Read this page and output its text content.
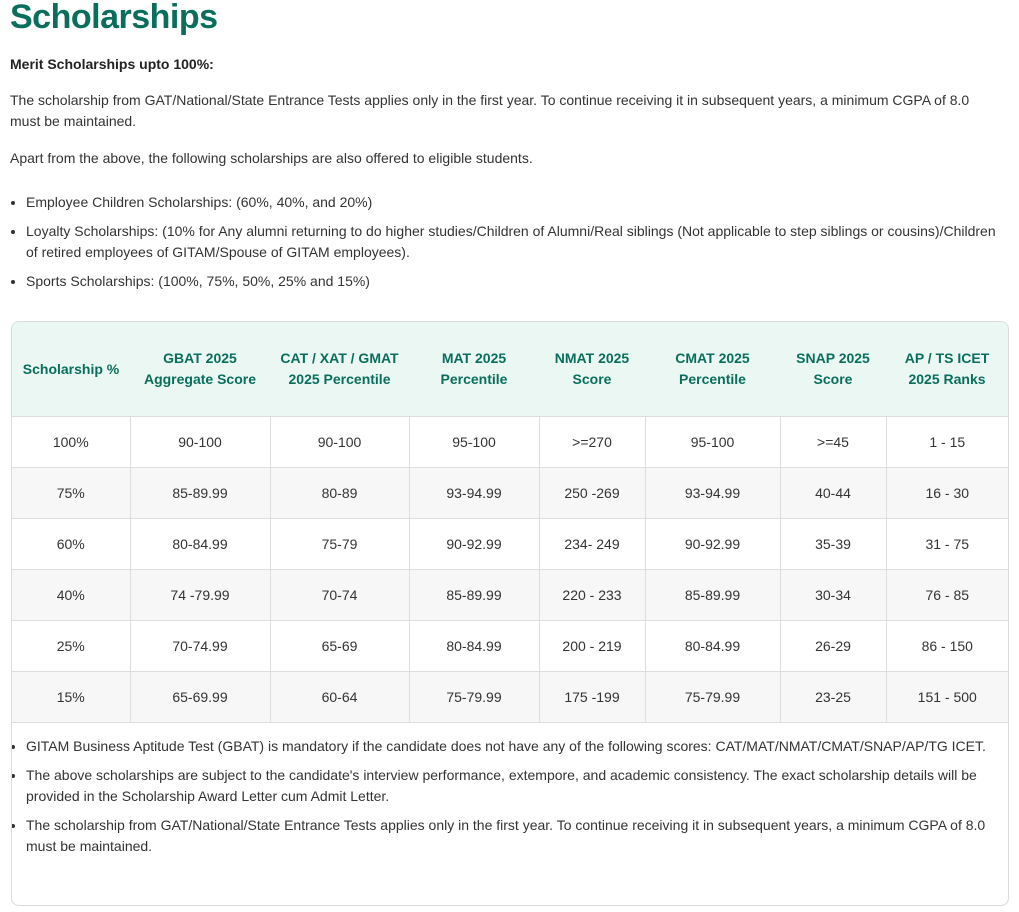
Scholarships
Merit Scholarships upto 100%:

The scholarship from GAT/National/State Entrance Tests applies only in the first year. To continue receiving it in subsequent years, a minimum CGPA of 8.0 must be maintained.

Apart from the above, the following scholarships are also offered to eligible students.

• Employee Children Scholarships: (60%, 40%, and 20%)
• Loyalty Scholarships: (10% for Any alumni returning to do higher studies/Children of Alumni/Real siblings (Not applicable to step siblings or cousins)/Children of retired employees of GITAM/Spouse of GITAM employees).
• Sports Scholarships: (100%, 75%, 50%, 25% and 15%)
Scholarship %	GBAT 2025 Aggregate Score	CAT / XAT / GMAT 2025 Percentile	MAT 2025 Percentile	NMAT 2025 Score	CMAT 2025 Percentile	SNAP 2025 Score	AP / TS ICET 2025 Ranks
100%	90-100	90-100	95-100	>=270	95-100	>=45	1 - 15
75%	85-89.99	80-89	93-94.99	250 -269	93-94.99	40-44	16 - 30
60%	80-84.99	75-79	90-92.99	234- 249	90-92.99	35-39	31 - 75
40%	74 -79.99	70-74	85-89.99	220 - 233	85-89.99	30-34	76 - 85
25%	70-74.99	65-69	80-84.99	200 - 219	80-84.99	26-29	86 - 150
15%	65-69.99	60-64	75-79.99	175 -199	75-79.99	23-25	151 - 500
• GITAM Business Aptitude Test (GBAT) is mandatory if the candidate does not have any of the following scores: CAT/MAT/NMAT/CMAT/SNAP/AP/TG ICET.
• The above scholarships are subject to the candidate's interview performance, extempore, and academic consistency. The exact scholarship details will be provided in the Scholarship Award Letter cum Admit Letter.
• The scholarship from GAT/National/State Entrance Tests applies only in the first year. To continue receiving it in subsequent years, a minimum CGPA of 8.0 must be maintained.
